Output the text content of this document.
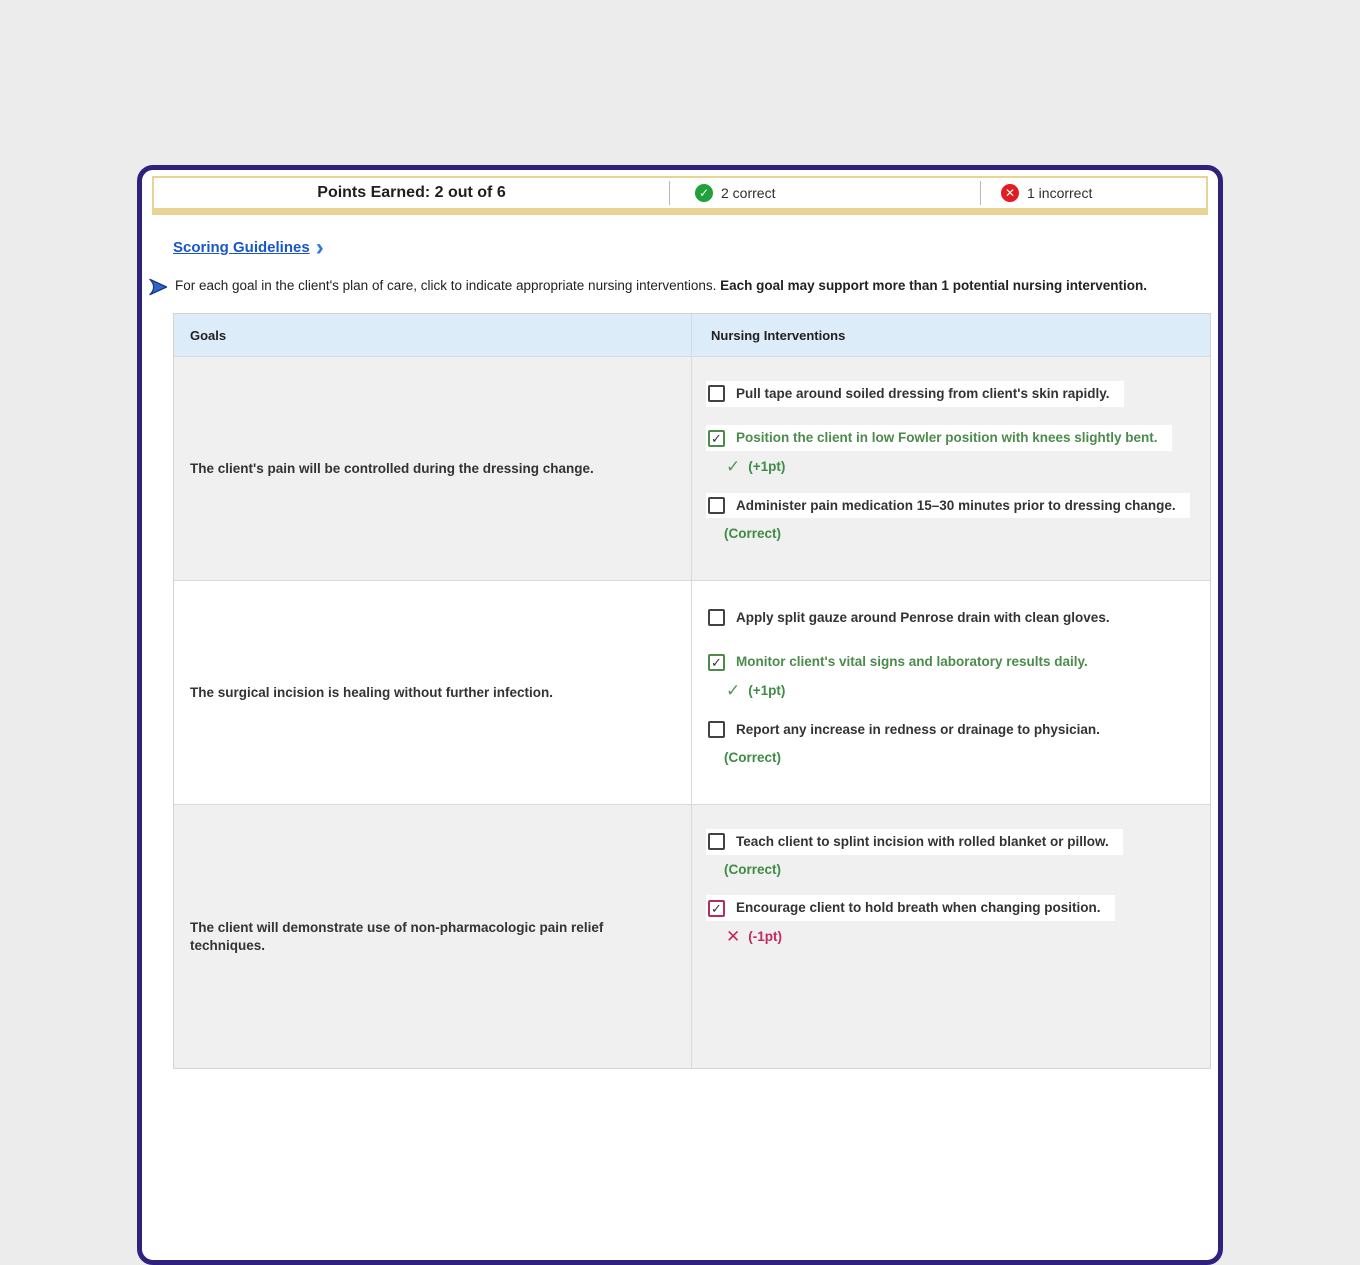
Points Earned: 2 out of 6	✓ 2 correct	✕ 1 incorrect
Scoring Guidelines ›
For each goal in the client's plan of care, click to indicate appropriate nursing interventions. Each goal may support more than 1 potential nursing intervention.
Goals	Nursing Interventions
The client's pain will be controlled during the dressing change.
Pull tape around soiled dressing from client's skin rapidly.
✓ Position the client in low Fowler position with knees slightly bent.
✓ (+1pt)
Administer pain medication 15–30 minutes prior to dressing change.
(Correct)
The surgical incision is healing without further infection.
Apply split gauze around Penrose drain with clean gloves.
✓ Monitor client's vital signs and laboratory results daily.
✓ (+1pt)
Report any increase in redness or drainage to physician.
(Correct)
The client will demonstrate use of non-pharmacologic pain relief techniques.
Teach client to splint incision with rolled blanket or pillow.
(Correct)
✓ Encourage client to hold breath when changing position.
✕ (-1pt)
